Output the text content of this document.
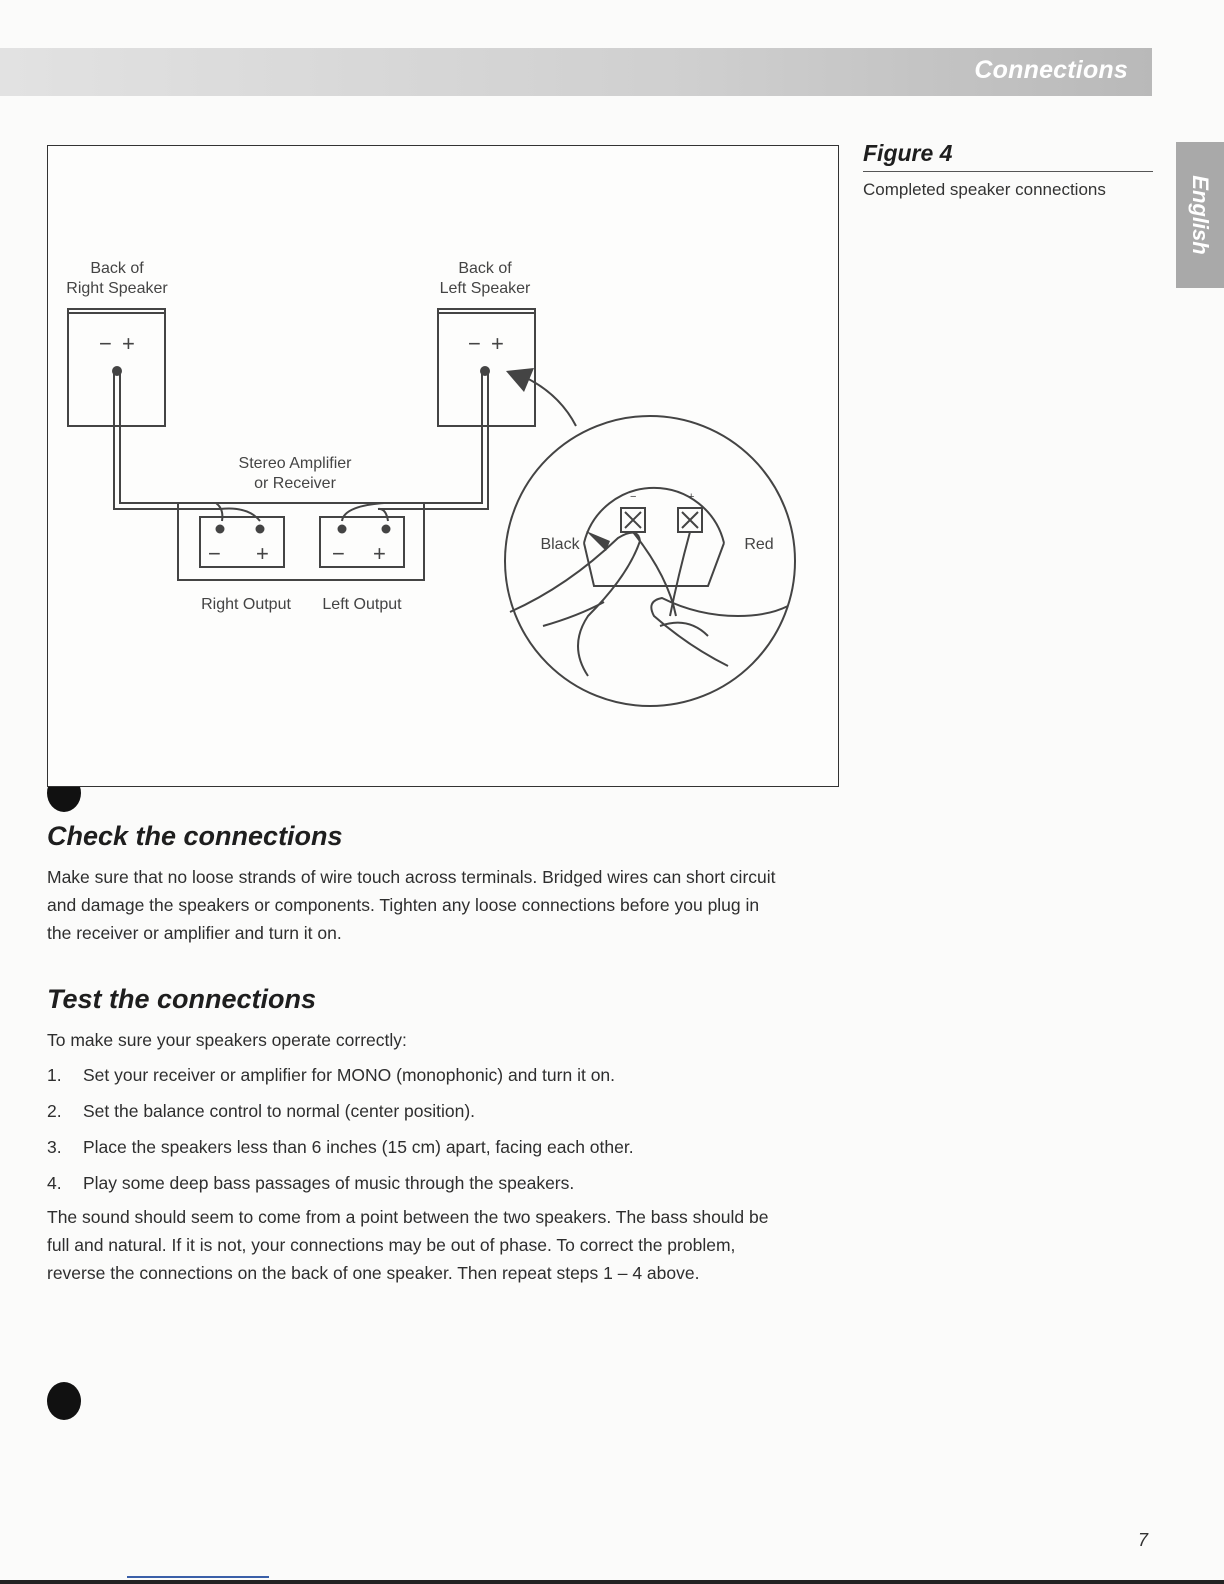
Connections
English
Back of
Right Speaker
Back of
Left Speaker
Stereo Amplifier
or Receiver
Right Output Left Output
Black	Red
− +	− +
− +	− +
−	+
Figure 4
Completed speaker connections
Check the connections
Make sure that no loose strands of wire touch across terminals. Bridged wires can short circuit
and damage the speakers or components. Tighten any loose connections before you plug in
the receiver or amplifier and turn it on.
Test the connections
To make sure your speakers operate correctly:
1. Set your receiver or amplifier for MONO (monophonic) and turn it on.
2. Set the balance control to normal (center position).
3. Place the speakers less than 6 inches (15 cm) apart, facing each other.
4. Play some deep bass passages of music through the speakers.
The sound should seem to come from a point between the two speakers. The bass should be
full and natural. If it is not, your connections may be out of phase. To correct the problem,
reverse the connections on the back of one speaker. Then repeat steps 1 – 4 above.
7
